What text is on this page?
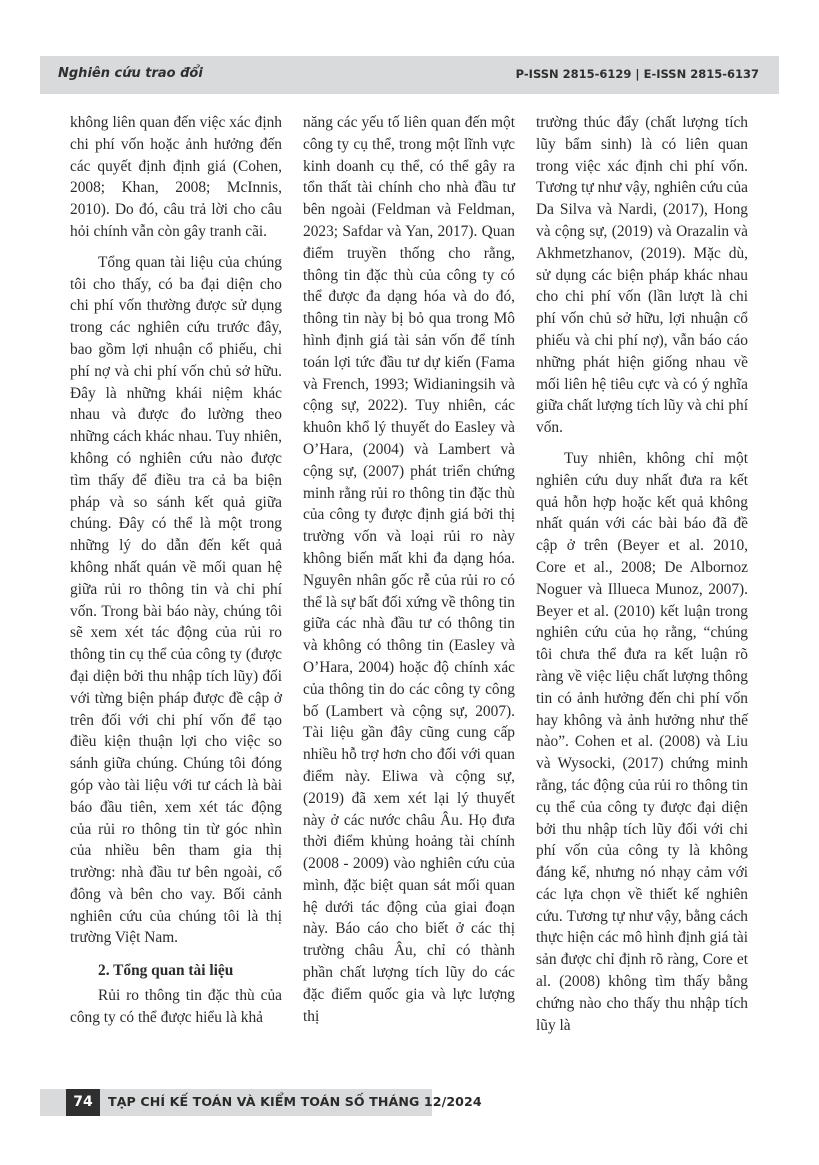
Nghiên cứu trao đổi	P-ISSN 2815-6129 | E-ISSN 2815-6137

không liên quan đến việc xác định chi phí vốn hoặc ảnh hưởng đến các quyết định định giá (Cohen, 2008; Khan, 2008; McInnis, 2010). Do đó, câu trả lời cho câu hỏi chính vẫn còn gây tranh cãi.

Tổng quan tài liệu của chúng tôi cho thấy, có ba đại diện cho chi phí vốn thường được sử dụng trong các nghiên cứu trước đây, bao gồm lợi nhuận cổ phiếu, chi phí nợ và chi phí vốn chủ sở hữu. Đây là những khái niệm khác nhau và được đo lường theo những cách khác nhau. Tuy nhiên, không có nghiên cứu nào được tìm thấy để điều tra cả ba biện pháp và so sánh kết quả giữa chúng. Đây có thể là một trong những lý do dẫn đến kết quả không nhất quán về mối quan hệ giữa rủi ro thông tin và chi phí vốn. Trong bài báo này, chúng tôi sẽ xem xét tác động của rủi ro thông tin cụ thể của công ty (được đại diện bởi thu nhập tích lũy) đối với từng biện pháp được đề cập ở trên đối với chi phí vốn để tạo điều kiện thuận lợi cho việc so sánh giữa chúng. Chúng tôi đóng góp vào tài liệu với tư cách là bài báo đầu tiên, xem xét tác động của rủi ro thông tin từ góc nhìn của nhiều bên tham gia thị trường: nhà đầu tư bên ngoài, cổ đông và bên cho vay. Bối cảnh nghiên cứu của chúng tôi là thị trường Việt Nam.

2. Tổng quan tài liệu

Rủi ro thông tin đặc thù của công ty có thể được hiểu là khả

năng các yếu tố liên quan đến một công ty cụ thể, trong một lĩnh vực kinh doanh cụ thể, có thể gây ra tổn thất tài chính cho nhà đầu tư bên ngoài (Feldman và Feldman, 2023; Safdar và Yan, 2017). Quan điểm truyền thống cho rằng, thông tin đặc thù của công ty có thể được đa dạng hóa và do đó, thông tin này bị bỏ qua trong Mô hình định giá tài sản vốn để tính toán lợi tức đầu tư dự kiến (Fama và French, 1993; Widianingsih và cộng sự, 2022). Tuy nhiên, các khuôn khổ lý thuyết do Easley và O’Hara, (2004) và Lambert và cộng sự, (2007) phát triển chứng minh rằng rủi ro thông tin đặc thù của công ty được định giá bởi thị trường vốn và loại rủi ro này không biến mất khi đa dạng hóa. Nguyên nhân gốc rễ của rủi ro có thể là sự bất đối xứng về thông tin giữa các nhà đầu tư có thông tin và không có thông tin (Easley và O’Hara, 2004) hoặc độ chính xác của thông tin do các công ty công bố (Lambert và cộng sự, 2007). Tài liệu gần đây cũng cung cấp nhiều hỗ trợ hơn cho đối với quan điểm này. Eliwa và cộng sự, (2019) đã xem xét lại lý thuyết này ở các nước châu Âu. Họ đưa thời điểm khủng hoảng tài chính (2008 - 2009) vào nghiên cứu của mình, đặc biệt quan sát mối quan hệ dưới tác động của giai đoạn này. Báo cáo cho biết ở các thị trường châu Âu, chỉ có thành phần chất lượng tích lũy do các đặc điểm quốc gia và lực lượng thị

trường thúc đẩy (chất lượng tích lũy bẩm sinh) là có liên quan trong việc xác định chi phí vốn. Tương tự như vậy, nghiên cứu của Da Silva và Nardi, (2017), Hong và cộng sự, (2019) và Orazalin và Akhmetzhanov, (2019). Mặc dù, sử dụng các biện pháp khác nhau cho chi phí vốn (lần lượt là chi phí vốn chủ sở hữu, lợi nhuận cổ phiếu và chi phí nợ), vẫn báo cáo những phát hiện giống nhau về mối liên hệ tiêu cực và có ý nghĩa giữa chất lượng tích lũy và chi phí vốn.

Tuy nhiên, không chỉ một nghiên cứu duy nhất đưa ra kết quả hỗn hợp hoặc kết quả không nhất quán với các bài báo đã đề cập ở trên (Beyer et al. 2010, Core et al., 2008; De Albornoz Noguer và Illueca Munoz, 2007). Beyer et al. (2010) kết luận trong nghiên cứu của họ rằng, “chúng tôi chưa thể đưa ra kết luận rõ ràng về việc liệu chất lượng thông tin có ảnh hưởng đến chi phí vốn hay không và ảnh hưởng như thế nào”. Cohen et al. (2008) và Liu và Wysocki, (2017) chứng minh rằng, tác động của rủi ro thông tin cụ thể của công ty được đại diện bởi thu nhập tích lũy đối với chi phí vốn của công ty là không đáng kể, nhưng nó nhạy cảm với các lựa chọn về thiết kế nghiên cứu. Tương tự như vậy, bằng cách thực hiện các mô hình định giá tài sản được chỉ định rõ ràng, Core et al. (2008) không tìm thấy bằng chứng nào cho thấy thu nhập tích lũy là

74	TẠP CHÍ KẾ TOÁN VÀ KIỂM TOÁN SỐ THÁNG 12/2024
